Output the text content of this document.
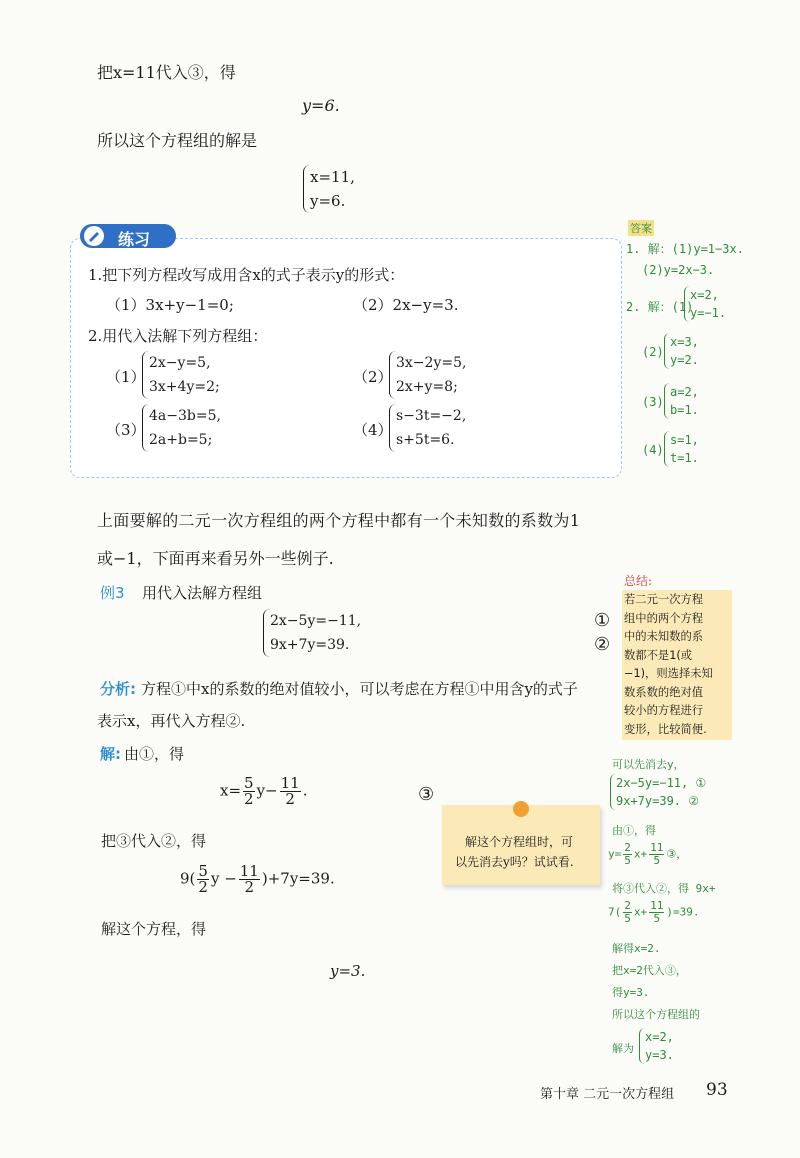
把x=11代入③，得
y=6.
所以这个方程组的解是
x=11,
y=6.
练习
1.把下列方程改写成用含x的式子表示y的形式：
（1）3x+y−1=0;	（2）2x−y=3.
2.用代入法解下列方程组：
（1）
2x−y=5,
3x+4y=2;
（2）
3x−2y=5,
2x+y=8;
（3）
4a−3b=5,
2a+b=5;
（4）
s−3t=−2,
s+5t=6.
答案
1. 解：(1)y=1−3x.
(2)y=2x−3.
2. 解：(1)
x=2,
y=−1.
(2)
x=3,
y=2.
(3)
a=2,
b=1.
(4)
s=1,
t=1.
上面要解的二元一次方程组的两个方程中都有一个未知数的系数为1
或−1，下面再来看另外一些例子.
例3 用代入法解方程组
2x−5y=−11,
9x+7y=39.
①
②
分析: 方程①中x的系数的绝对值较小，可以考虑在方程①中用含y的式子
表示x，再代入方程②.
解: 由①，得
$x= \frac{5}{2} y- \frac{11}{2}$ .	③
把③代入②，得
$9( \frac{5}{2}$ $y - \frac{11}{2} )+7y=39$.
解这个方程，得
y=3.
解这个方程组时，可
以先消去y吗？试试看.
总结:
若二元一次方程
组中的两个方程
中的未知数的系
数都不是1(或
−1)，则选择未知
数系数的绝对值
较小的方程进行
变形，比较简便.
可以先消去y，
2x−5y=−11, ①
9x+7y=39. ②
由①，得
$y= \frac{2}{5} x+ \frac{11}{5}$ ③，
将③代入②，得 9x+
$7( \frac{2}{5} x+ \frac{11}{5} )=39$.
解得x=2.
把x=2代入③，
得y=3.
所以这个方程组的
解为
x=2,
y=3.
第十章 二元一次方程组 93
